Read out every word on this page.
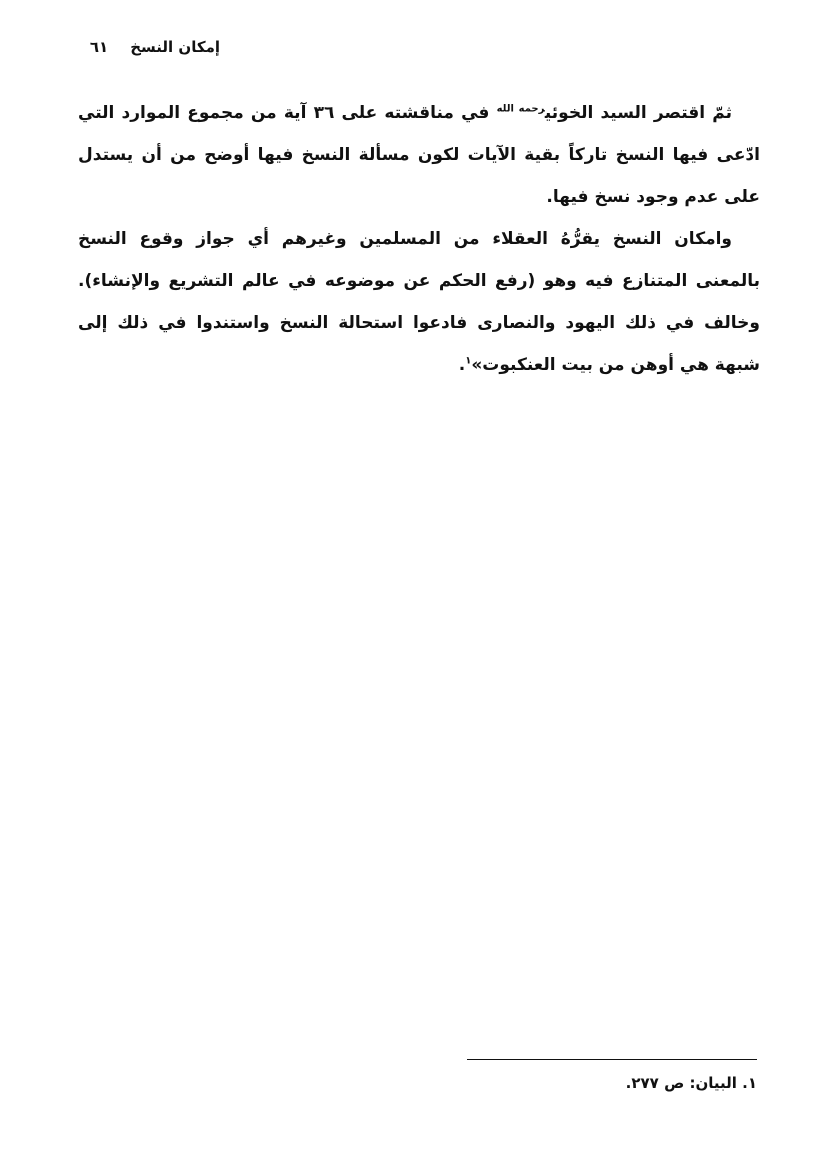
إمكان النسخ
٦١

ثمّ اقتصر السيد الخوئي$^{رحمه الله}$ في مناقشته على ٣٦ آية من مجموع الموارد التي ادّعى فيها النسخ تاركاً بقية الآيات لكون مسألة النسخ فيها أوضح من أن يستدل على عدم وجود نسخ فيها.

وامكان النسخ يقرُّهُ العقلاء من المسلمين وغيرهم أي جواز وقوع النسخ بالمعنى المتنازع فيه وهو (رفع الحكم عن موضوعه في عالم التشريع والإنشاء). وخالف في ذلك اليهود والنصارى فادعوا استحالة النسخ واستندوا في ذلك إلى شبهة هي أوهن من بيت العنكبوت»$^١$.

١. البيان: ص ٢٧٧.
